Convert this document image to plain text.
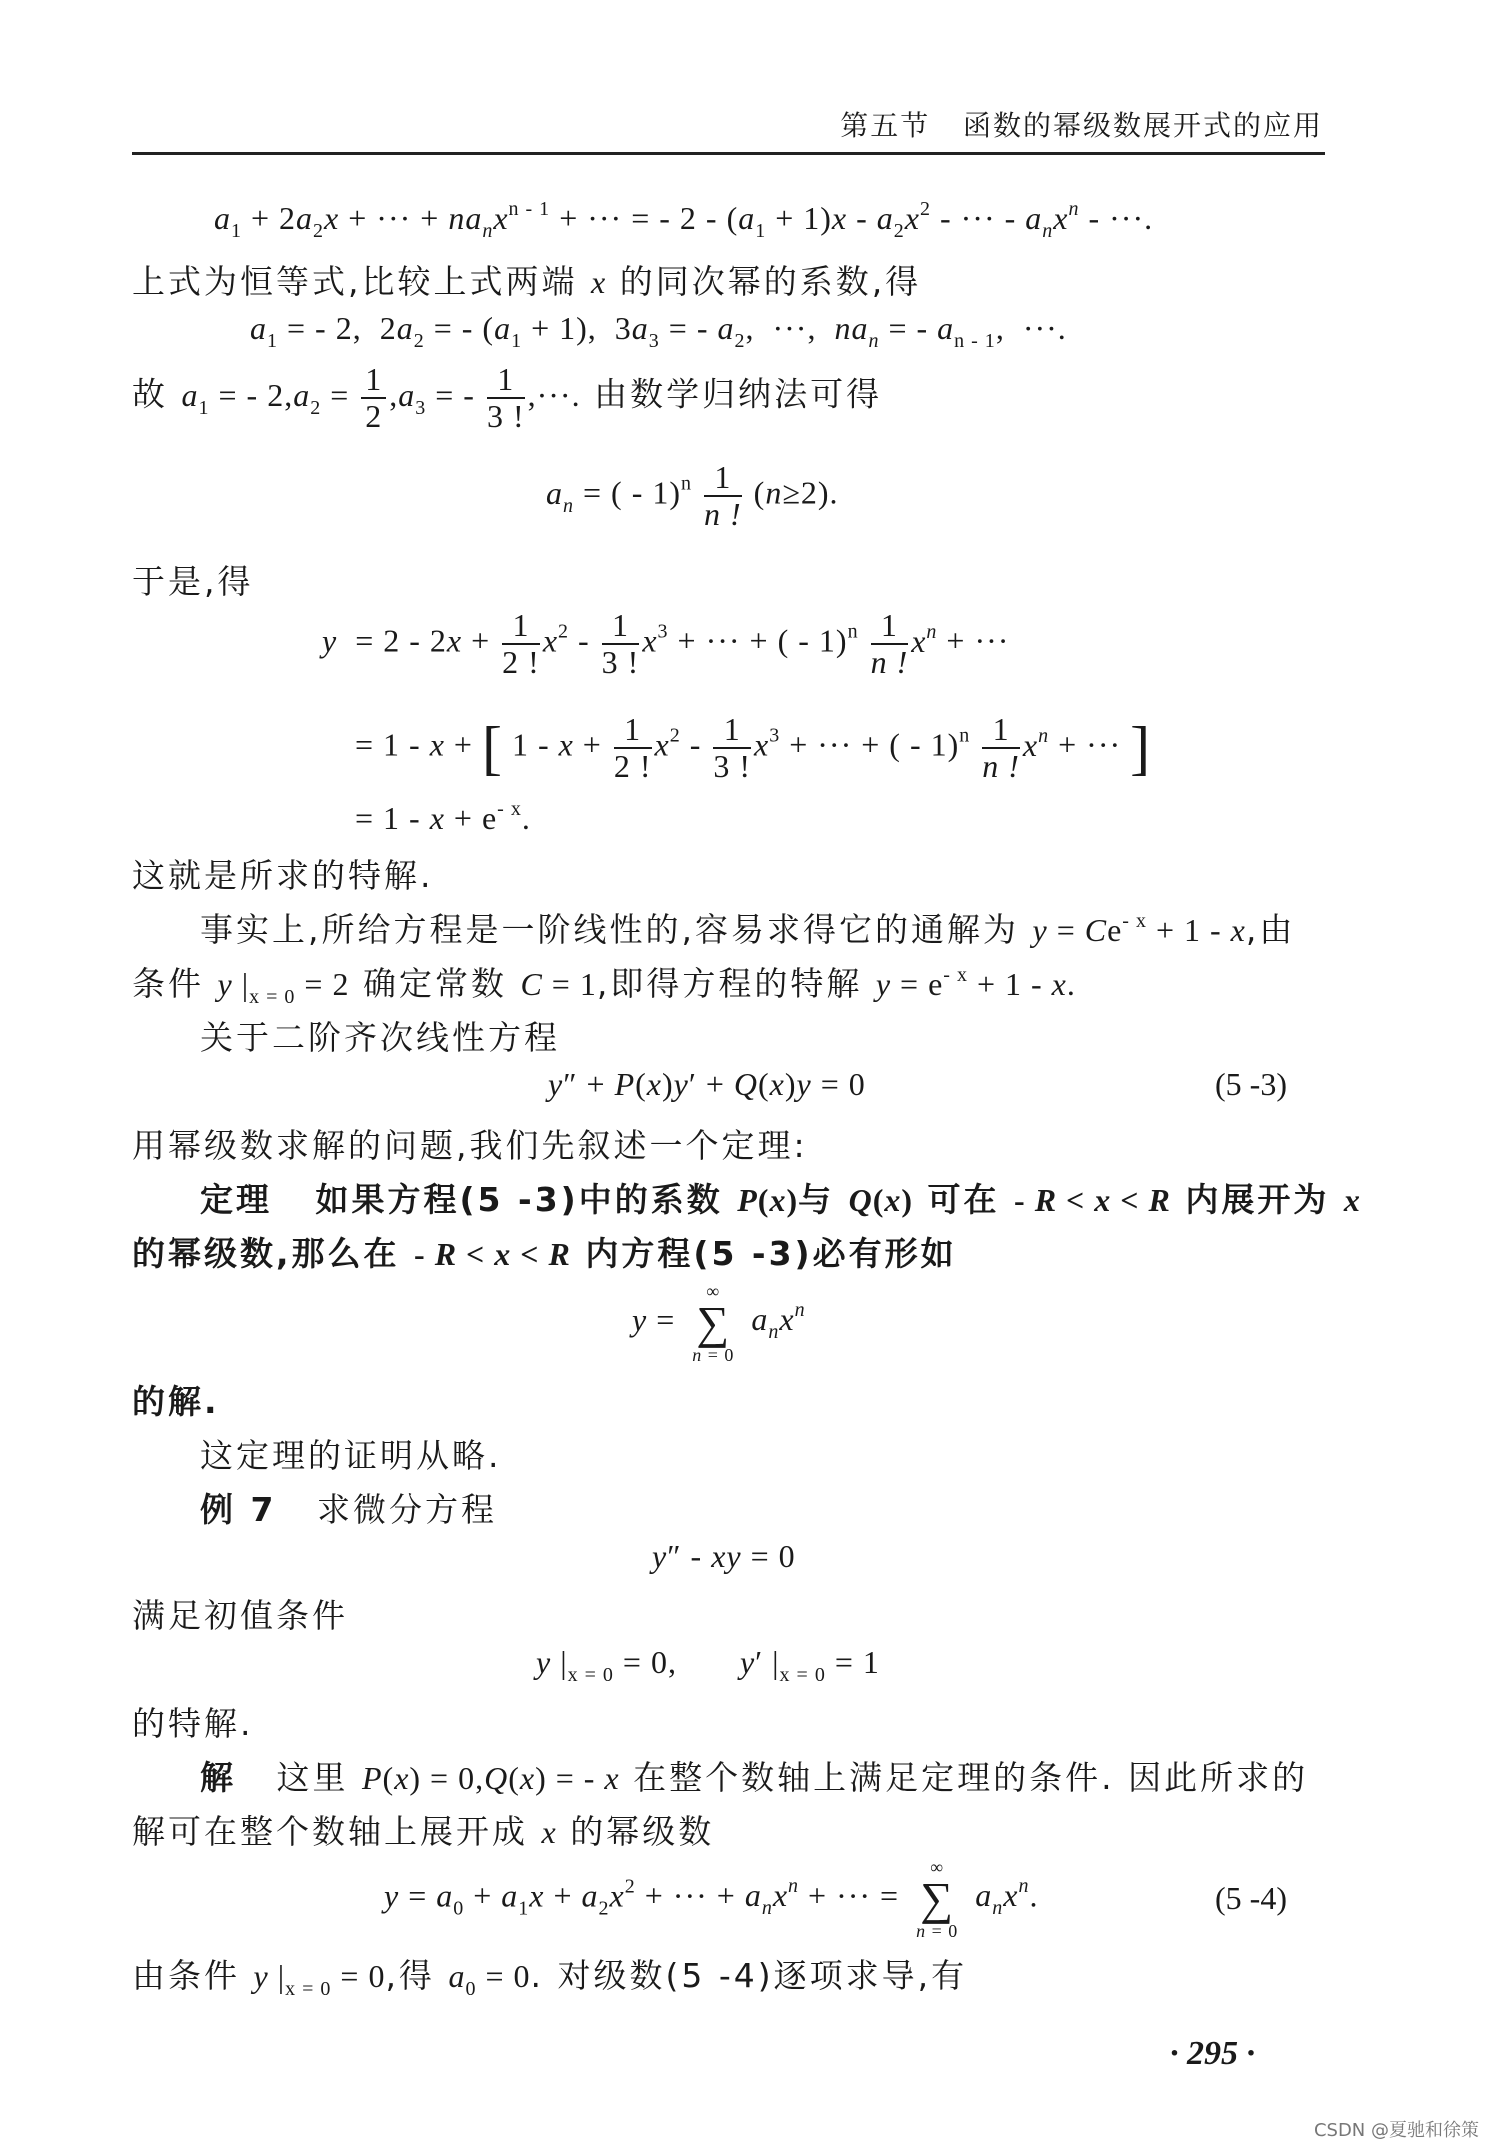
第五节 函数的幂级数展开式的应用
$a_1 + 2a_2x$ + ··· + $na_nx^{n - 1}$ + ··· = - $2 - (a_1 + 1)x - a_2x^2$ - ··· - $a_nx^n$ - ···.
上式为恒等式,比较上式两端 x 的同次幂的系数,得
$a_1$ = - 2,  $2a_2$ = - $(a_1 + 1)$,  $3a_3$ = - $a_2$,  ···,  $na_n$ = - $a_{n - 1}$,  ···.
故 $a_1$ = - $2,a_2 = \frac{1}{2} ,a_3$ = - $\frac{1}{3 !}$ ,···. 由数学归纳法可得
$a_n$ = ( - $1)^n \frac{1}{n !} (n\ge 2)$.
于是,得
$y = 2 - 2x + \frac{1}{2 !} x^2 - \frac{1}{3 !} x^3$ + ··· + ( - $1)^n \frac{1}{n !} x^n$ + ···
= 1 - x + [ $1 - x + \frac{1}{2 !} x^2 - \frac{1}{3 !} x^3$ + ··· + ( - $1)^n \frac{1}{n !} x^n$ + ··· ]
= $1 - x + e^{- x}$.
这就是所求的特解.
事实上,所给方程是一阶线性的,容易求得它的通解为 $y = Ce^{- x} + 1 - x$,由
条件 y $|_{x = 0} = 2$ 确定常数 C = 1,即得方程的特解 $y = e^{- x} + 1 - x$.
关于二阶齐次线性方程
y″ + P(x)y′ + Q(x)y = 0	(5 -3)
用幂级数求解的问题,我们先叙述一个定理:
定理 如果方程(5 -3)中的系数 P(x)与 Q(x) 可在 - R < x < R 内展开为 x
的幂级数,那么在 - R < x < R 内方程(5 -3)必有形如
y =
∞
∑
n = 0
$a_nx^n$
的解.
这定理的证明从略.
例 7 求微分方程
y″ - xy = 0
满足初值条件
y $|_{x = 0} = 0$,       y′ $|_{x = 0} = 1$
的特解.
解 这里 P(x) = 0,Q(x) = - x 在整个数轴上满足定理的条件. 因此所求的
解可在整个数轴上展开成 x 的幂级数
$y = a_0 + a_1x + a_2x^2$ + ··· + $a_nx^n$ + ··· =
∞
∑
n = 0
$a_nx^n$.	(5 -4)
由条件 y $|_{x = 0} = 0$,得 $a_0 = 0$. 对级数(5 -4)逐项求导,有
· 295 ·
CSDN @夏驰和徐策
